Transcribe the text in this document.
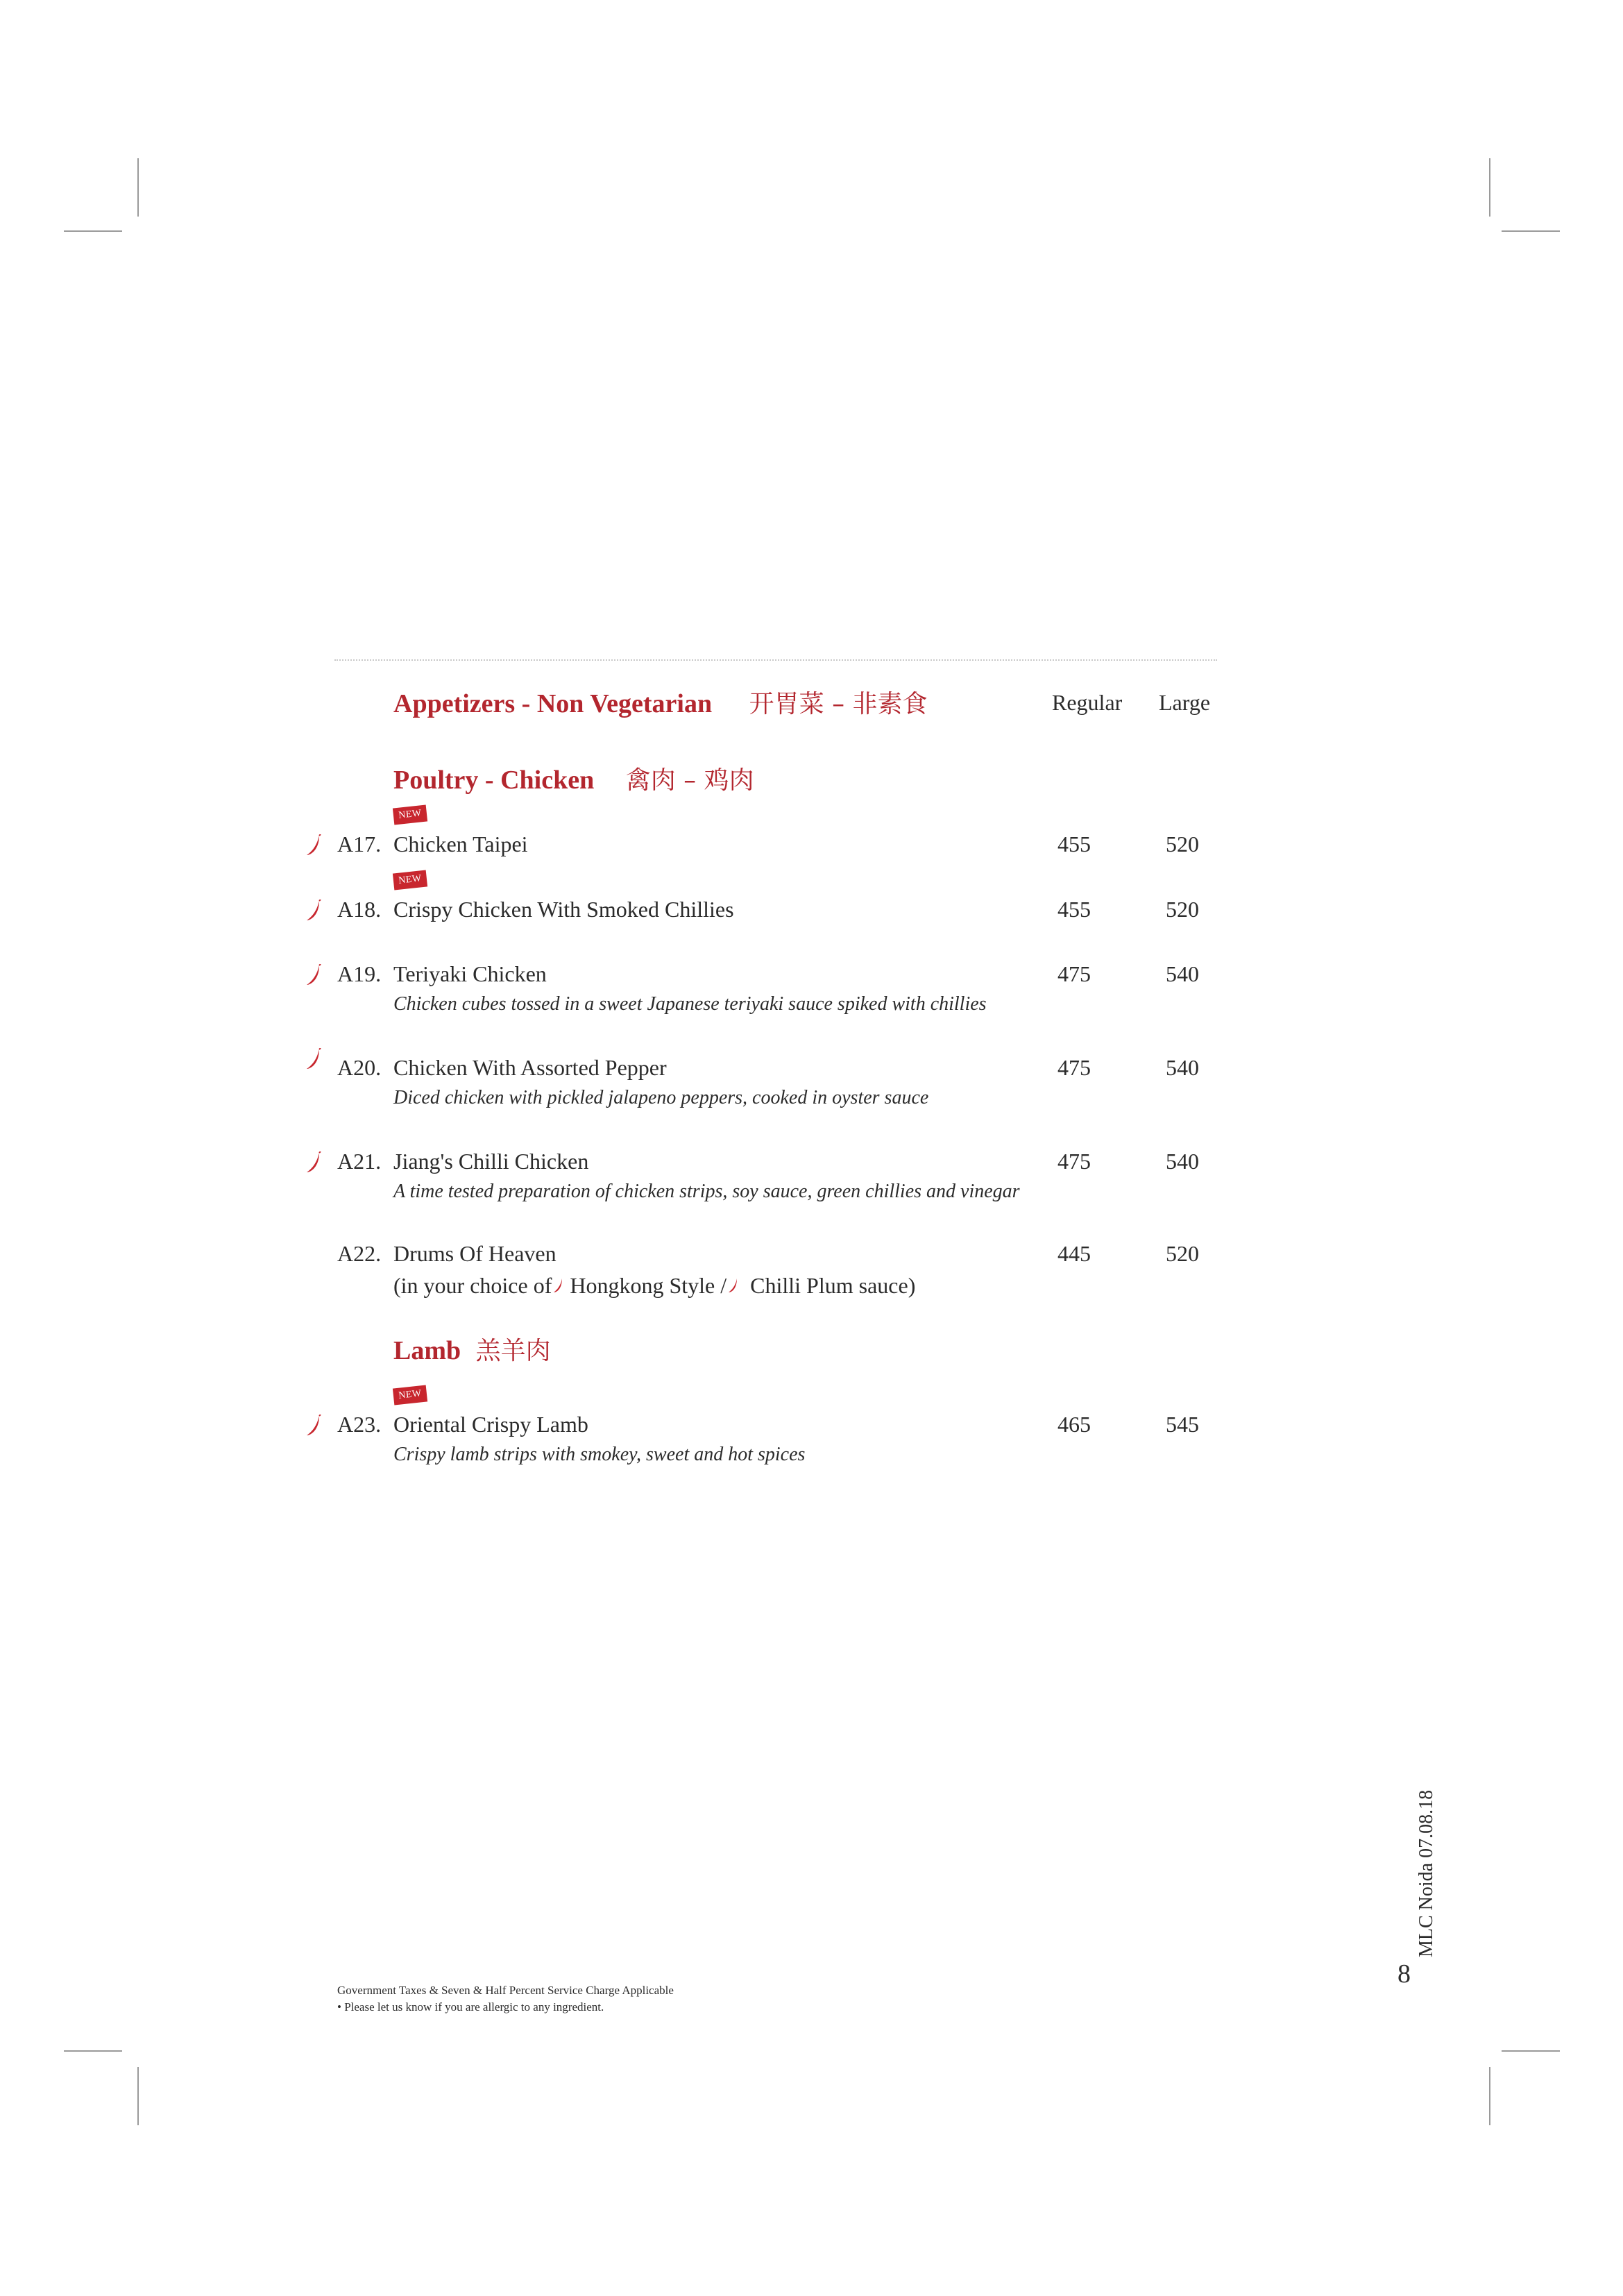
Appetizers - Non Vegetarian 开胃菜 – 非素食	Regular Large
Poultry - Chicken 禽肉 – 鸡肉
NEW
A17. Chicken Taipei	455	520
NEW
A18. Crispy Chicken With Smoked Chillies	455	520
A19. Teriyaki Chicken	475	540
Chicken cubes tossed in a sweet Japanese teriyaki sauce spiked with chillies
A20. Chicken With Assorted Pepper	475	540
Diced chicken with pickled jalapeno peppers, cooked in oyster sauce
A21. Jiang's Chilli Chicken	475	540
A time tested preparation of chicken strips, soy sauce, green chillies and vinegar
A22. Drums Of Heaven	445	520
(in your choice of Hongkong Style / Chilli Plum sauce)
Lamb 羔羊肉
NEW
A23. Oriental Crispy Lamb	465	545
Crispy lamb strips with smokey, sweet and hot spices
Government Taxes & Seven & Half Percent Service Charge Applicable
• Please let us know if you are allergic to any ingredient.
MLC Noida 07.08.18
8
